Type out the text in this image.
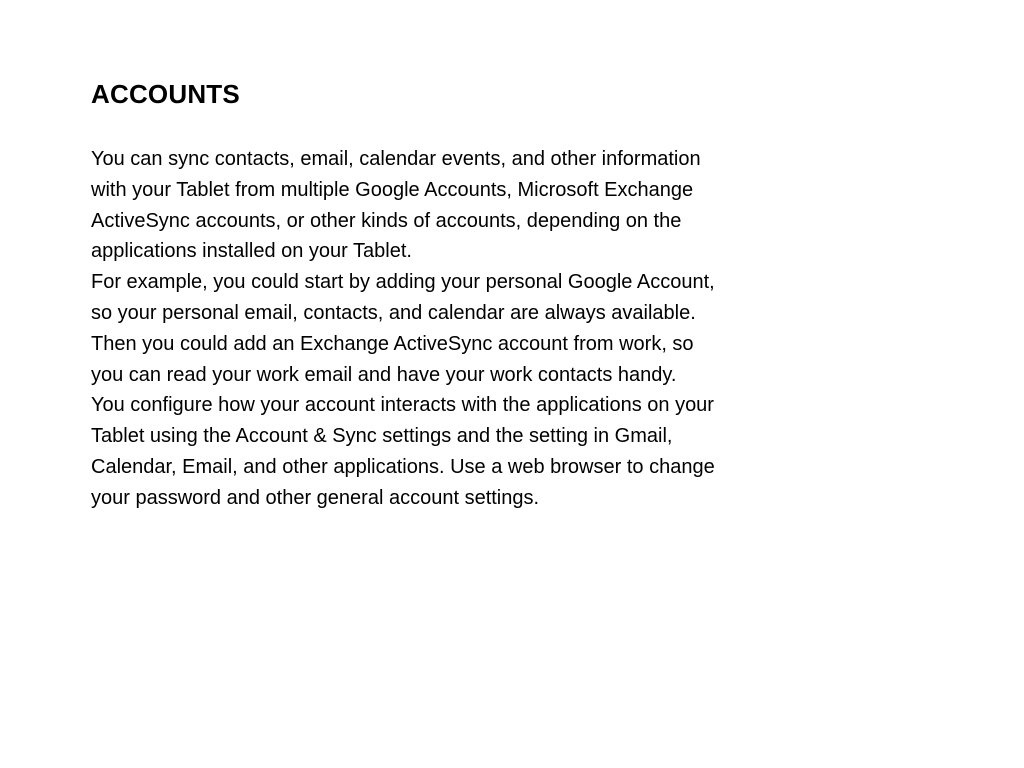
ACCOUNTS
You can sync contacts, email, calendar events, and other information
with your Tablet from multiple Google Accounts, Microsoft Exchange
ActiveSync accounts, or other kinds of accounts, depending on the
applications installed on your Tablet.
For example, you could start by adding your personal Google Account,
so your personal email, contacts, and calendar are always available.
Then you could add an Exchange ActiveSync account from work, so
you can read your work email and have your work contacts handy.
You configure how your account interacts with the applications on your
Tablet using the Account & Sync settings and the setting in Gmail,
Calendar, Email, and other applications. Use a web browser to change
your password and other general account settings.
